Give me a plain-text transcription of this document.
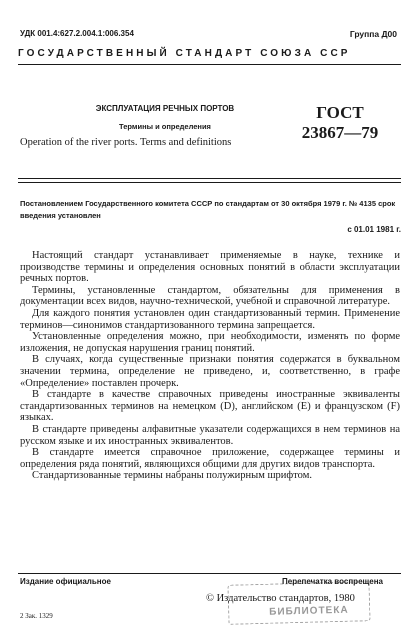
УДК 001.4:627.2.004.1:006.354	Группа Д00
ГОСУДАРСТВЕННЫЙ СТАНДАРТ СОЮЗА ССР
ЭКСПЛУАТАЦИЯ РЕЧНЫХ ПОРТОВ
Термины и определения
Operation of the river ports. Terms and definitions
ГОСТ
23867—79
Постановлением Государственного комитета СССР по стандартам от 30 октября 1979 г. № 4135 срок введения установлен
с 01.01 1981 г.

Настоящий стандарт устанавливает применяемые в науке, технике и производстве термины и определения основных понятий в области эксплуатации речных портов.

Термины, установленные стандартом, обязательны для применения в документации всех видов, научно-технической, учебной и справочной литературе.

Для каждого понятия установлен один стандартизованный термин. Применение терминов—синонимов стандартизованного термина запрещается.

Установленные определения можно, при необходимости, изменять по форме изложения, не допуская нарушения границ понятий.

В случаях, когда существенные признаки понятия содержатся в буквальном значении термина, определение не приведено, и, соответственно, в графе «Определение» поставлен прочерк.

В стандарте в качестве справочных приведены иностранные эквиваленты стандартизованных терминов на немецком (D), английском (E) и французском (F) языках.

В стандарте приведены алфавитные указатели содержащихся в нем терминов на русском языке и их иностранных эквивалентов.

В стандарте имеется справочное приложение, содержащее термины и определения ряда понятий, являющихся общими для других видов транспорта.

Стандартизованные термины набраны полужирным шрифтом.

БИБЛИОТЕКА
Издание официальное	Перепечатка воспрещена
© Издательство стандартов, 1980
2 Зак. 1329
